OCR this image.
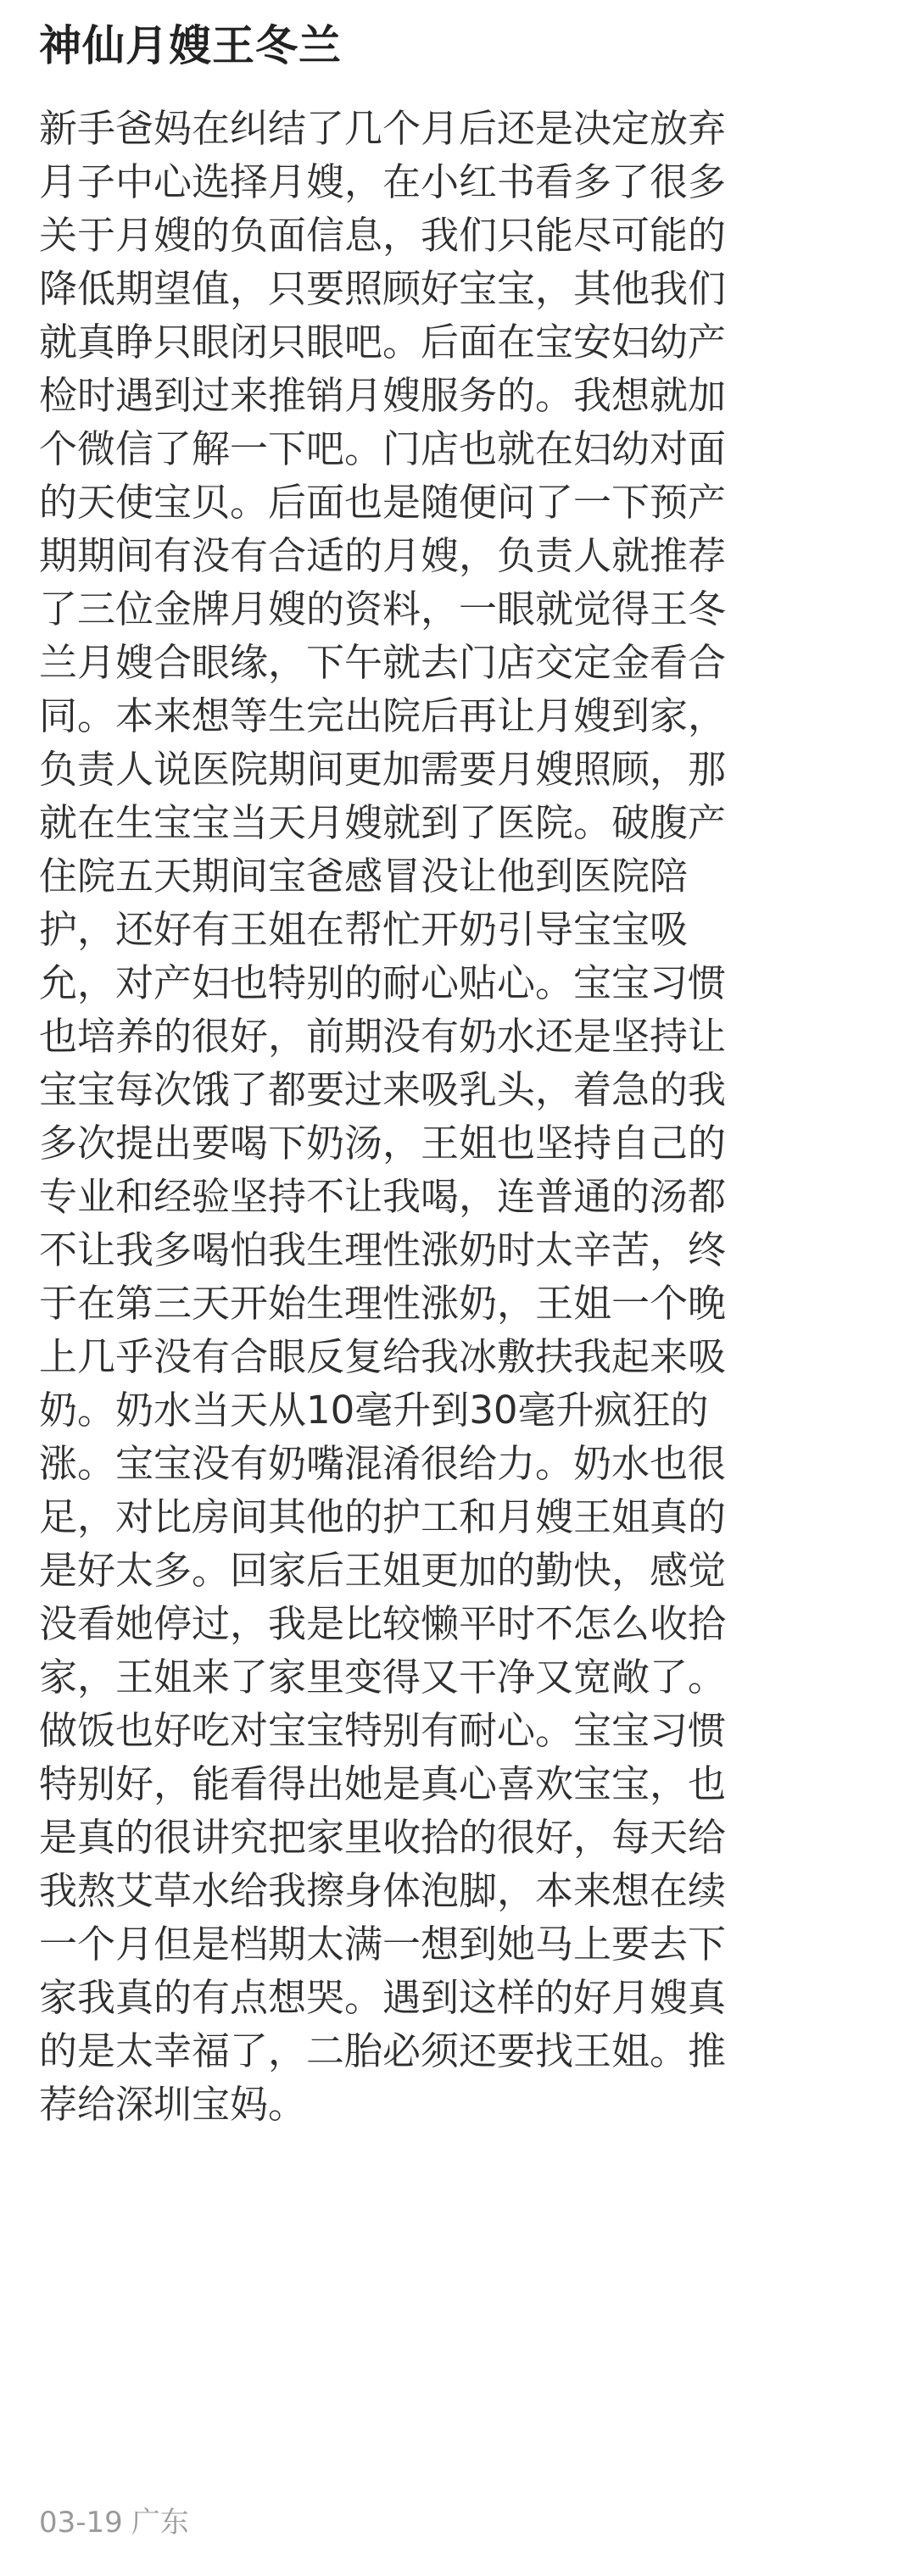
神仙月嫂王冬兰
新手爸妈在纠结了几个月后还是决定放弃
月子中心选择月嫂，在小红书看多了很多
关于月嫂的负面信息，我们只能尽可能的
降低期望值，只要照顾好宝宝，其他我们
就真睁只眼闭只眼吧。后面在宝安妇幼产
检时遇到过来推销月嫂服务的。我想就加
个微信了解一下吧。门店也就在妇幼对面
的天使宝贝。后面也是随便问了一下预产
期期间有没有合适的月嫂，负责人就推荐
了三位金牌月嫂的资料，一眼就觉得王冬
兰月嫂合眼缘，下午就去门店交定金看合
同。本来想等生完出院后再让月嫂到家，
负责人说医院期间更加需要月嫂照顾，那
就在生宝宝当天月嫂就到了医院。破腹产
住院五天期间宝爸感冒没让他到医院陪
护，还好有王姐在帮忙开奶引导宝宝吸
允，对产妇也特别的耐心贴心。宝宝习惯
也培养的很好，前期没有奶水还是坚持让
宝宝每次饿了都要过来吸乳头，着急的我
多次提出要喝下奶汤，王姐也坚持自己的
专业和经验坚持不让我喝，连普通的汤都
不让我多喝怕我生理性涨奶时太辛苦，终
于在第三天开始生理性涨奶，王姐一个晚
上几乎没有合眼反复给我冰敷扶我起来吸
奶。奶水当天从10毫升到30毫升疯狂的
涨。宝宝没有奶嘴混淆很给力。奶水也很
足，对比房间其他的护工和月嫂王姐真的
是好太多。回家后王姐更加的勤快，感觉
没看她停过，我是比较懒平时不怎么收拾
家，王姐来了家里变得又干净又宽敞了。
做饭也好吃对宝宝特别有耐心。宝宝习惯
特别好，能看得出她是真心喜欢宝宝，也
是真的很讲究把家里收拾的很好，每天给
我熬艾草水给我擦身体泡脚，本来想在续
一个月但是档期太满一想到她马上要去下
家我真的有点想哭。遇到这样的好月嫂真
的是太幸福了，二胎必须还要找王姐。推
荐给深圳宝妈。
03-19 广东
